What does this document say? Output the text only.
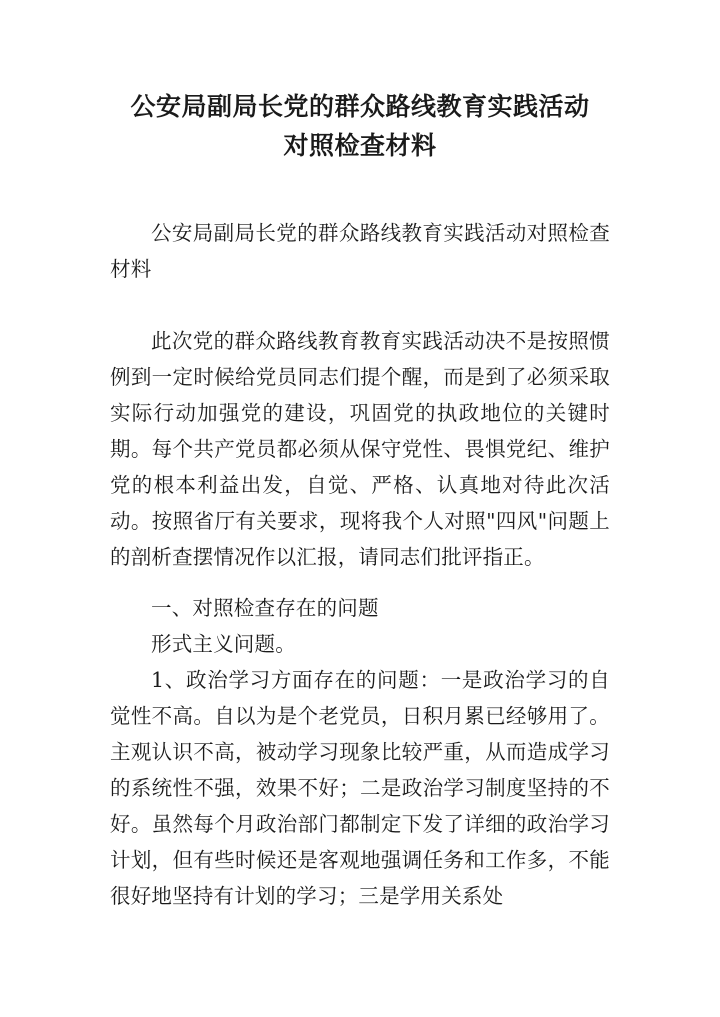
公安局副局长党的群众路线教育实践活动
对照检查材料

公安局副局长党的群众路线教育实践活动对照检查材料

此次党的群众路线教育教育实践活动决不是按照惯例到一定时候给党员同志们提个醒，而是到了必须采取实际行动加强党的建设，巩固党的执政地位的关键时期。每个共产党员都必须从保守党性、畏惧党纪、维护党的根本利益出发，自觉、严格、认真地对待此次活动。按照省厅有关要求，现将我个人对照"四风"问题上的剖析查摆情况作以汇报，请同志们批评指正。

一、对照检查存在的问题

形式主义问题。

1、政治学习方面存在的问题：一是政治学习的自觉性不高。自以为是个老党员，日积月累已经够用了。主观认识不高，被动学习现象比较严重，从而造成学习的系统性不强，效果不好；二是政治学习制度坚持的不好。虽然每个月政治部门都制定下发了详细的政治学习计划，但有些时候还是客观地强调任务和工作多，不能很好地坚持有计划的学习；三是学用关系处
